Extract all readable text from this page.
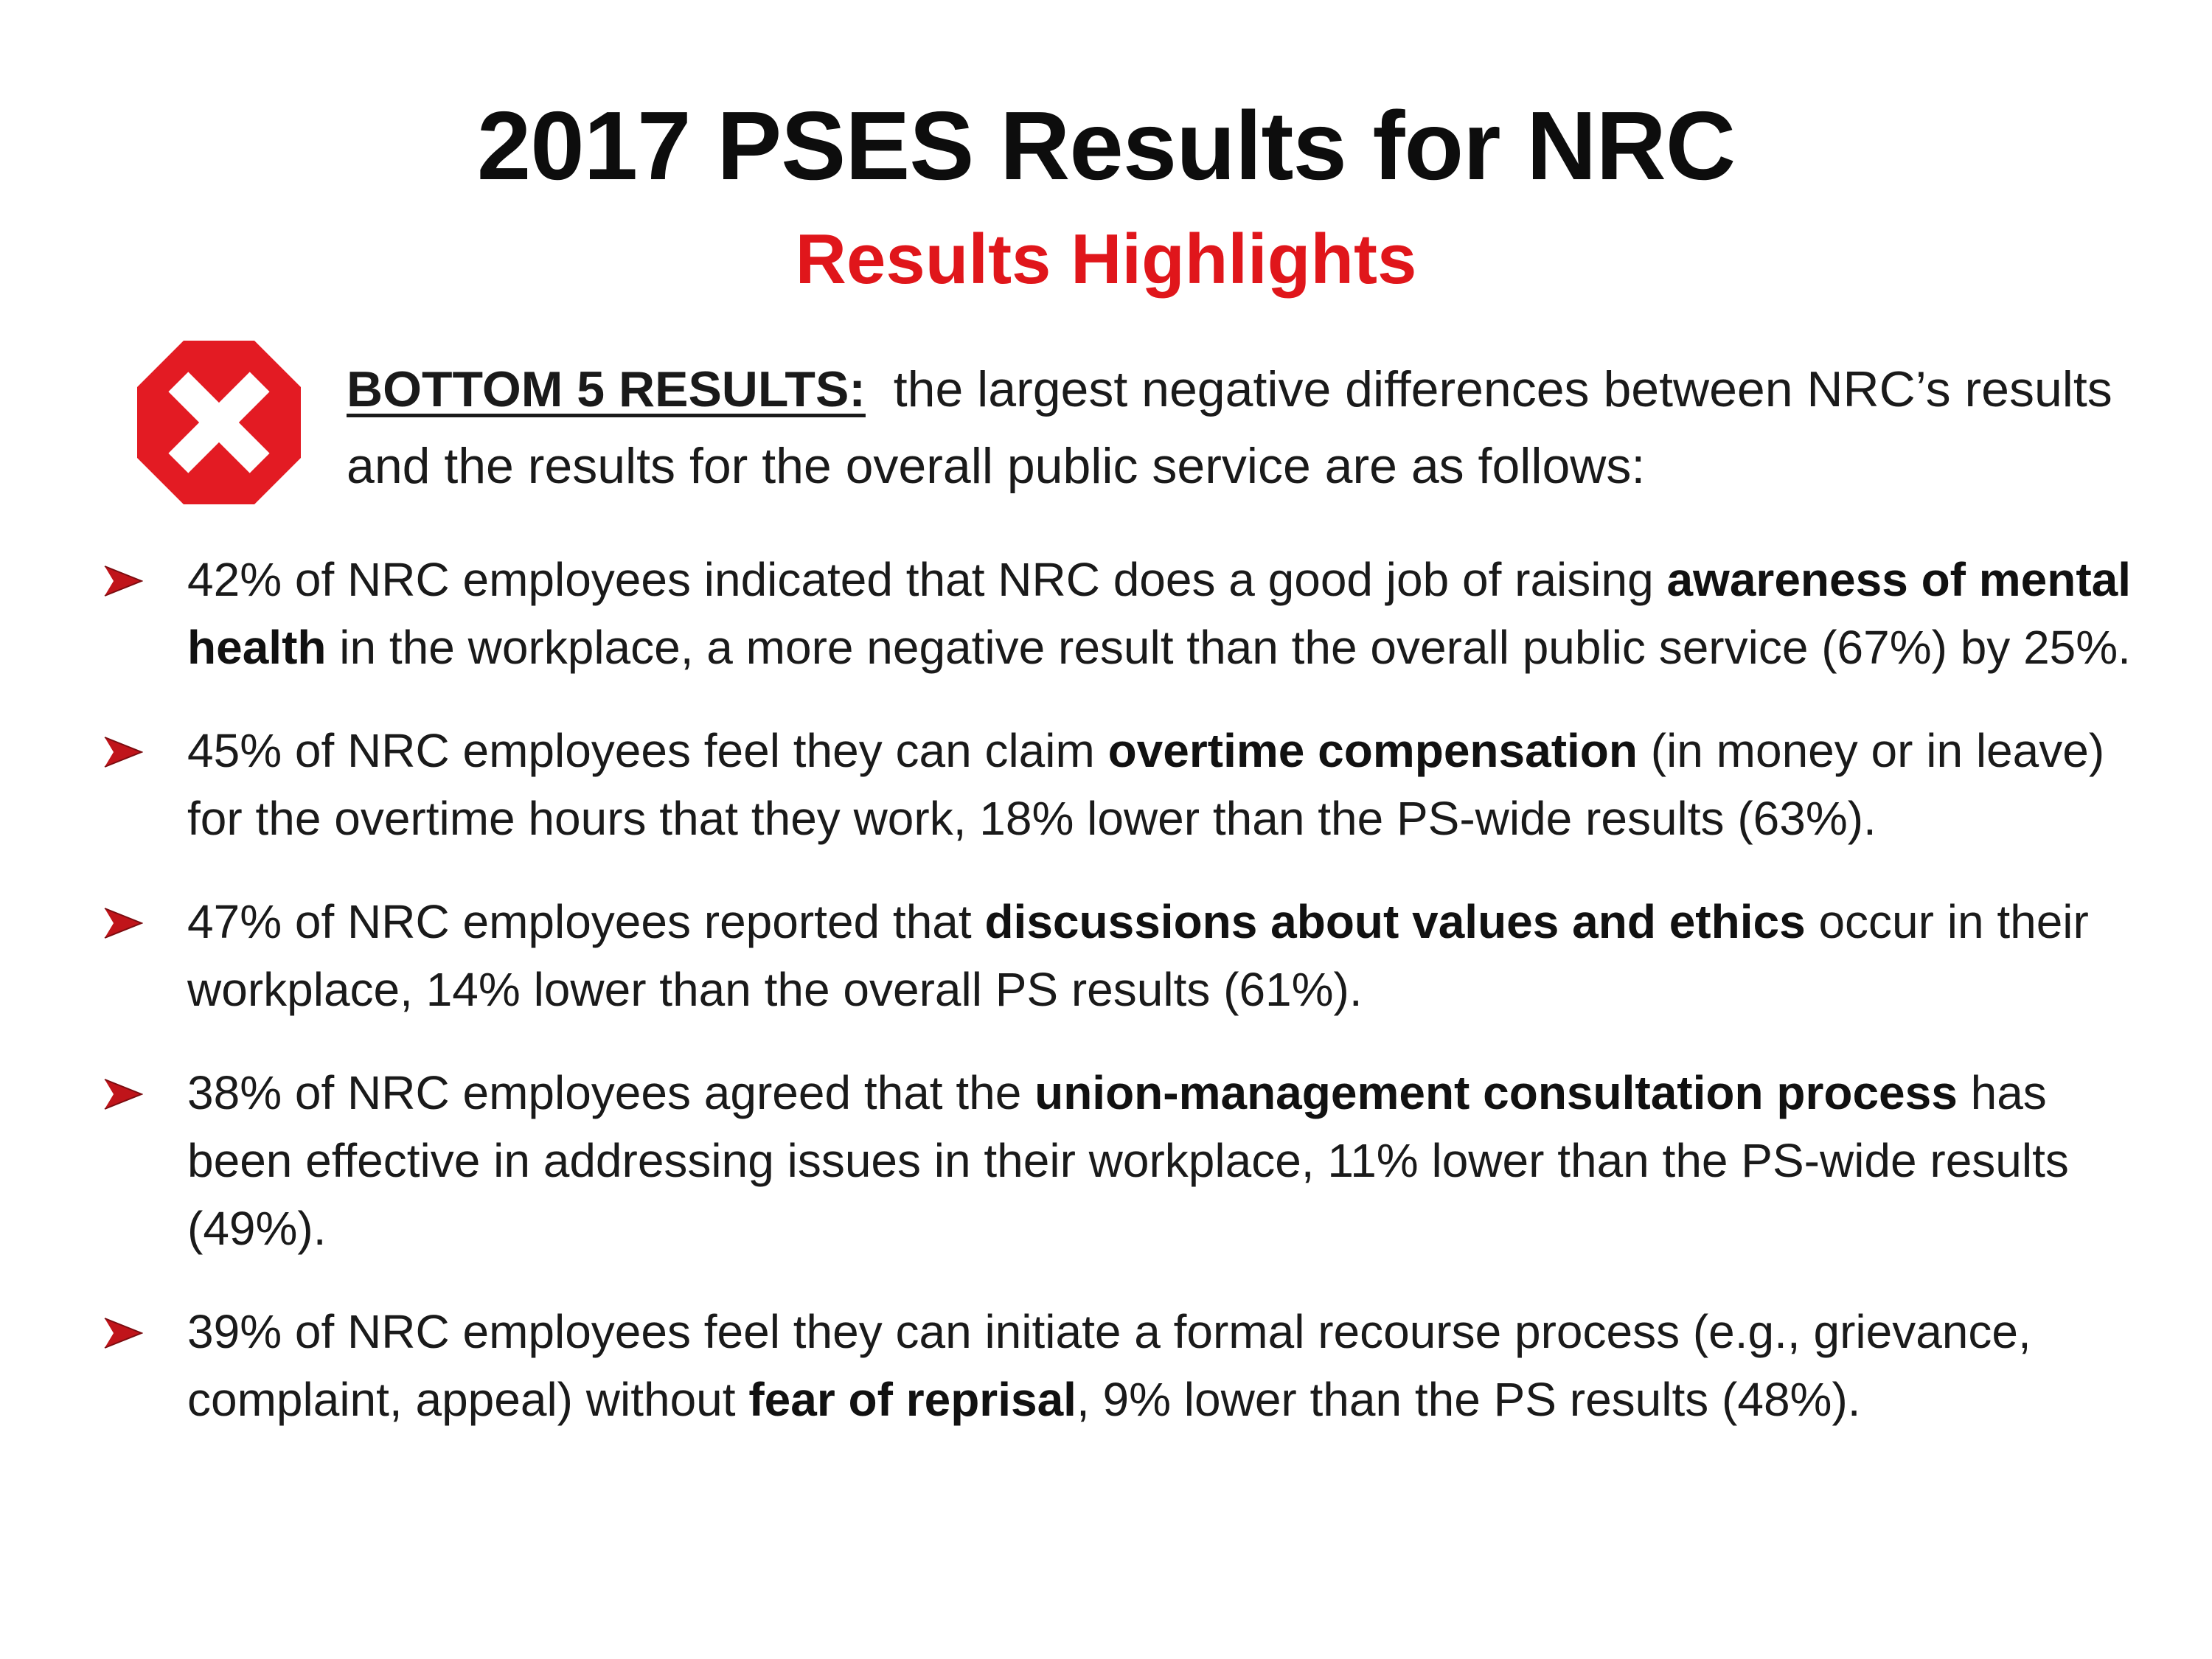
2017 PSES Results for NRC
Results Highlights
BOTTOM 5 RESULTS: the largest negative differences between NRC’s results and the results for the overall public service are as follows:
42% of NRC employees indicated that NRC does a good job of raising awareness of mental health in the workplace, a more negative result than the overall public service (67%) by 25%.
45% of NRC employees feel they can claim overtime compensation (in money or in leave) for the overtime hours that they work, 18% lower than the PS-wide results (63%).
47% of NRC employees reported that discussions about values and ethics occur in their workplace, 14% lower than the overall PS results (61%).
38% of NRC employees agreed that the union-management consultation process has been effective in addressing issues in their workplace, 11% lower than the PS-wide results (49%).
39% of NRC employees feel they can initiate a formal recourse process (e.g., grievance, complaint, appeal) without fear of reprisal, 9% lower than the PS results (48%).
